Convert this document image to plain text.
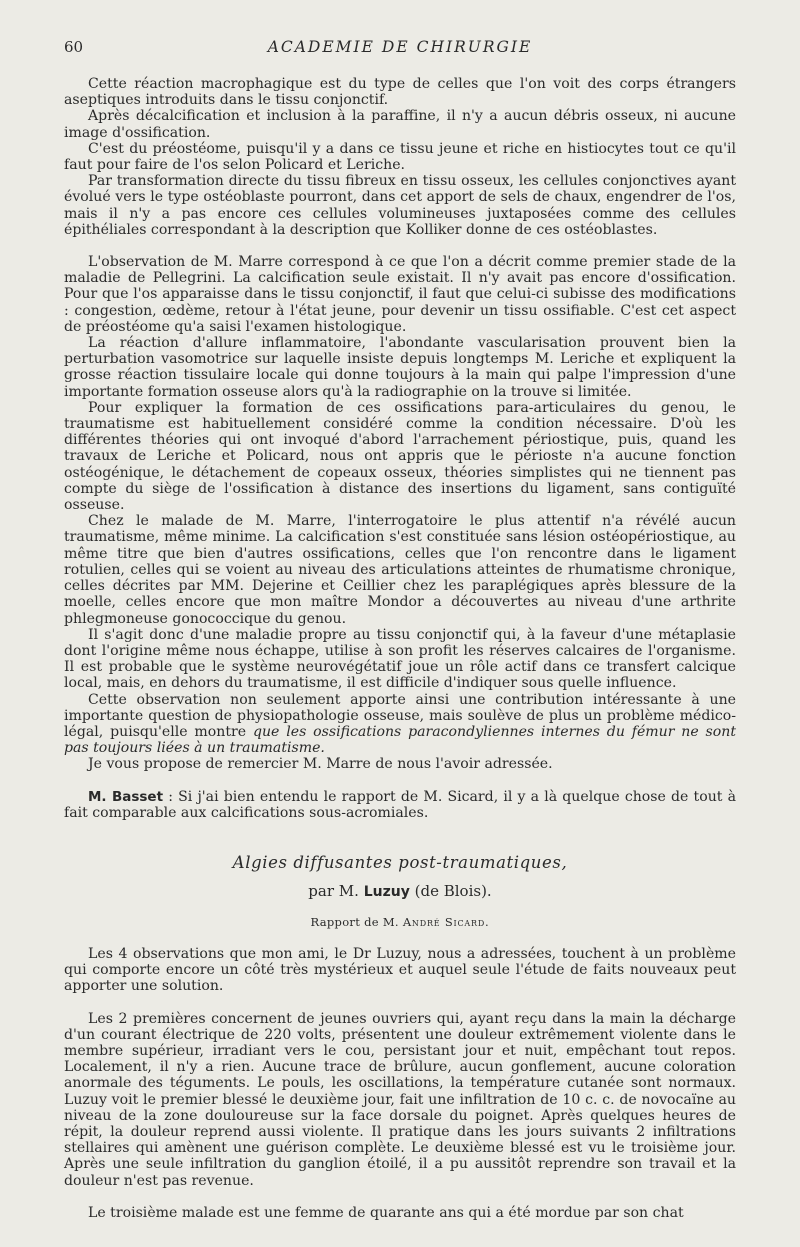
60	ACADEMIE DE CHIRURGIE

Cette réaction macrophagique est du type de celles que l'on voit des corps étrangers aseptiques introduits dans le tissu conjonctif.

Après décalcification et inclusion à la paraffine, il n'y a aucun débris osseux, ni aucune image d'ossification.

C'est du préostéome, puisqu'il y a dans ce tissu jeune et riche en histiocytes tout ce qu'il faut pour faire de l'os selon Policard et Leriche.

Par transformation directe du tissu fibreux en tissu osseux, les cellules conjonctives ayant évolué vers le type ostéoblaste pourront, dans cet apport de sels de chaux, engendrer de l'os, mais il n'y a pas encore ces cellules volumineuses juxtaposées comme des cellules épithéliales correspondant à la description que Kolliker donne de ces ostéoblastes.

L'observation de M. Marre correspond à ce que l'on a décrit comme premier stade de la maladie de Pellegrini. La calcification seule existait. Il n'y avait pas encore d'ossification. Pour que l'os apparaisse dans le tissu conjonctif, il faut que celui-ci subisse des modifications : congestion, œdème, retour à l'état jeune, pour devenir un tissu ossifiable. C'est cet aspect de préostéome qu'a saisi l'examen histologique.

La réaction d'allure inflammatoire, l'abondante vascularisation prouvent bien la perturbation vasomotrice sur laquelle insiste depuis longtemps M. Leriche et expliquent la grosse réaction tissulaire locale qui donne toujours à la main qui palpe l'impression d'une importante formation osseuse alors qu'à la radiographie on la trouve si limitée.

Pour expliquer la formation de ces ossifications para-articulaires du genou, le traumatisme est habituellement considéré comme la condition nécessaire. D'où les différentes théories qui ont invoqué d'abord l'arrachement périostique, puis, quand les travaux de Leriche et Policard, nous ont appris que le périoste n'a aucune fonction ostéogénique, le détachement de copeaux osseux, théories simplistes qui ne tiennent pas compte du siège de l'ossification à distance des insertions du ligament, sans contiguïté osseuse.

Chez le malade de M. Marre, l'interrogatoire le plus attentif n'a révélé aucun traumatisme, même minime. La calcification s'est constituée sans lésion ostéopériostique, au même titre que bien d'autres ossifications, celles que l'on rencontre dans le ligament rotulien, celles qui se voient au niveau des articulations atteintes de rhumatisme chronique, celles décrites par MM. Dejerine et Ceillier chez les paraplégiques après blessure de la moelle, celles encore que mon maître Mondor a découvertes au niveau d'une arthrite phlegmoneuse gonococcique du genou.

Il s'agit donc d'une maladie propre au tissu conjonctif qui, à la faveur d'une métaplasie dont l'origine même nous échappe, utilise à son profit les réserves calcaires de l'organisme. Il est probable que le système neurovégétatif joue un rôle actif dans ce transfert calcique local, mais, en dehors du traumatisme, il est difficile d'indiquer sous quelle influence.

Cette observation non seulement apporte ainsi une contribution intéressante à une importante question de physiopathologie osseuse, mais soulève de plus un problème médico-légal, puisqu'elle montre que les ossifications paracondyliennes internes du fémur ne sont pas toujours liées à un traumatisme.

Je vous propose de remercier M. Marre de nous l'avoir adressée.

M. Basset : Si j'ai bien entendu le rapport de M. Sicard, il y a là quelque chose de tout à fait comparable aux calcifications sous-acromiales.

Algies diffusantes post-traumatiques,
par M. Luzuy (de Blois).
Rapport de M. André Sicard.

Les 4 observations que mon ami, le Dr Luzuy, nous a adressées, touchent à un problème qui comporte encore un côté très mystérieux et auquel seule l'étude de faits nouveaux peut apporter une solution.

Les 2 premières concernent de jeunes ouvriers qui, ayant reçu dans la main la décharge d'un courant électrique de 220 volts, présentent une douleur extrêmement violente dans le membre supérieur, irradiant vers le cou, persistant jour et nuit, empêchant tout repos. Localement, il n'y a rien. Aucune trace de brûlure, aucun gonflement, aucune coloration anormale des téguments. Le pouls, les oscillations, la température cutanée sont normaux. Luzuy voit le premier blessé le deuxième jour, fait une infiltration de 10 c. c. de novocaïne au niveau de la zone douloureuse sur la face dorsale du poignet. Après quelques heures de répit, la douleur reprend aussi violente. Il pratique dans les jours suivants 2 infiltrations stellaires qui amènent une guérison complète. Le deuxième blessé est vu le troisième jour. Après une seule infiltration du ganglion étoilé, il a pu aussitôt reprendre son travail et la douleur n'est pas revenue.

Le troisième malade est une femme de quarante ans qui a été mordue par son chat
